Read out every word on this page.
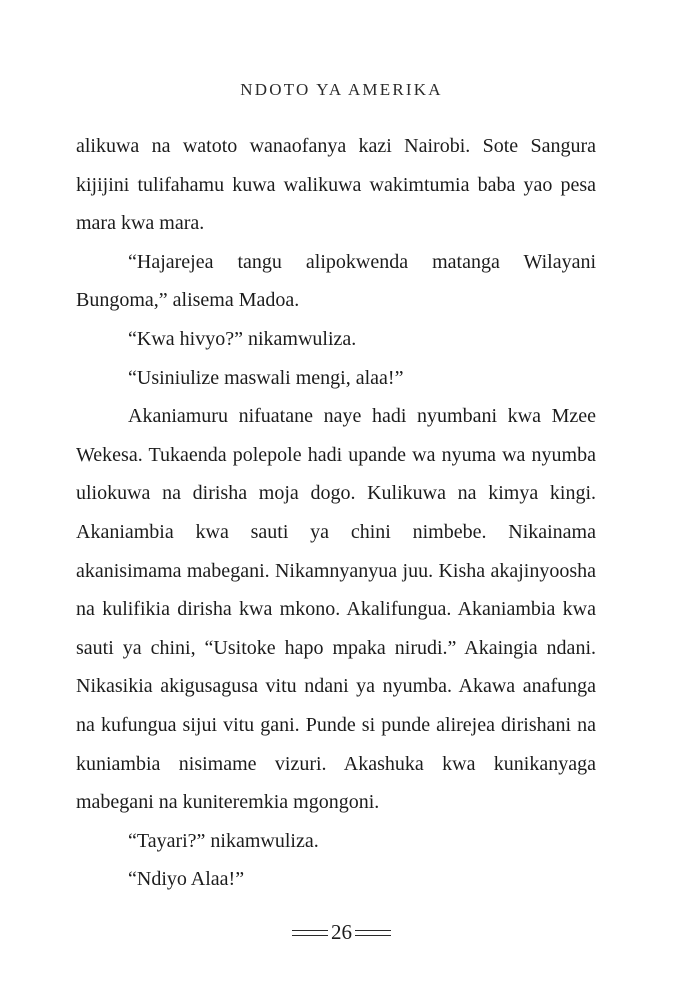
NDOTO YA AMERIKA

alikuwa na watoto wanaofanya kazi Nairobi. Sote Sangura kijijini tulifahamu kuwa walikuwa wakimtumia baba yao pesa mara kwa mara.

“Hajarejea tangu alipokwenda matanga Wilayani Bungoma,” alisema Madoa.

“Kwa hivyo?” nikamwuliza.

“Usiniulize maswali mengi, alaa!”

Akaniamuru nifuatane naye hadi nyumbani kwa Mzee Wekesa. Tukaenda polepole hadi upande wa nyuma wa nyumba uliokuwa na dirisha moja dogo. Kulikuwa na kimya kingi. Akaniambia kwa sauti ya chini nimbebe. Nikainama akanisimama mabegani. Nikamnyanyua juu. Kisha akajinyoosha na kulifikia dirisha kwa mkono. Akalifungua. Akaniambia kwa sauti ya chini, “Usitoke hapo mpaka nirudi.” Akaingia ndani. Nikasikia akigusagusa vitu ndani ya nyumba. Akawa anafunga na kufungua sijui vitu gani. Punde si punde alirejea dirishani na kuniambia nisimame vizuri. Akashuka kwa kunikanyaga mabegani na kuniteremkia mgongoni.

“Tayari?” nikamwuliza.

“Ndiyo Alaa!”

26
